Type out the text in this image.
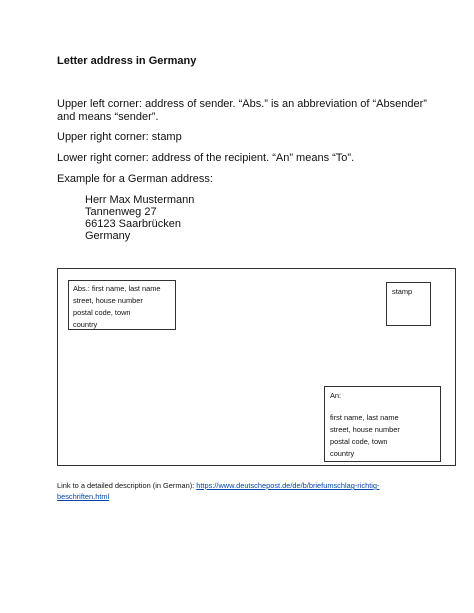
Letter address in Germany
Upper left corner: address of sender. “Abs.” is an abbreviation of “Absender” and means “sender”.
Upper right corner: stamp
Lower right corner: address of the recipient. “An” means “To”.
Example for a German address:
Herr Max Mustermann
Tannenweg 27
66123 Saarbrücken
Germany
Abs.: first name, last name
street, house number
postal code, town
country
stamp
An:
first name, last name
street, house number
postal code, town
country
Link to a detailed description (in German): https://www.deutschepost.de/de/b/briefumschlag-richtig-beschriften.html
